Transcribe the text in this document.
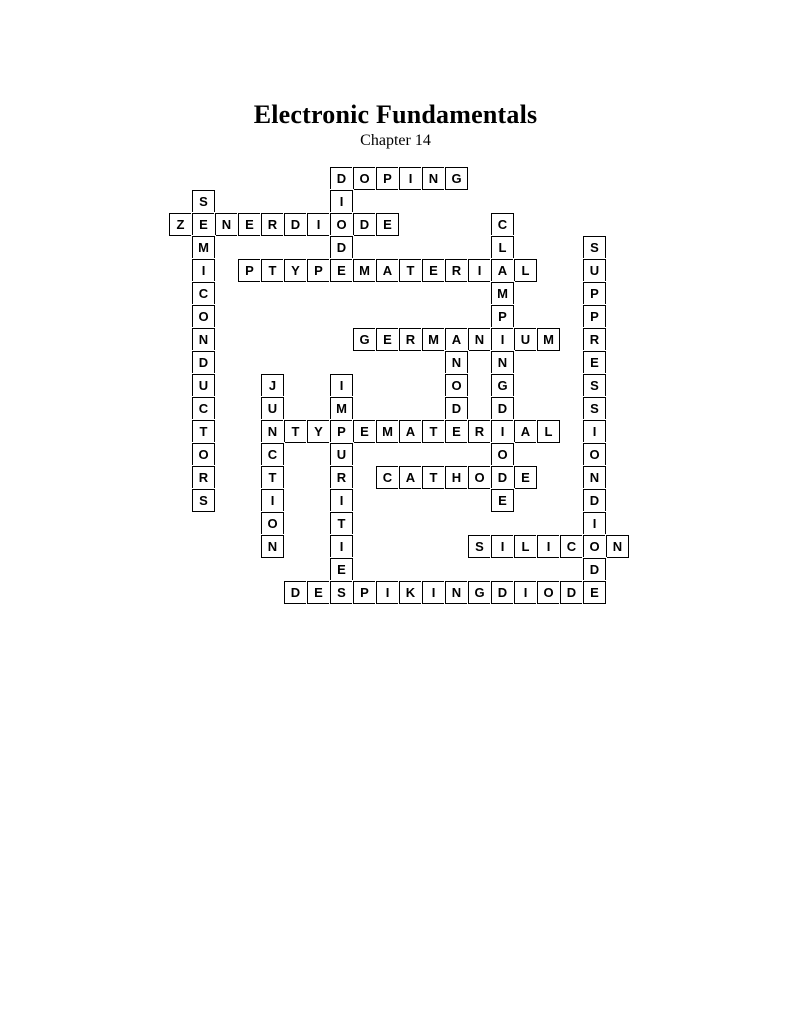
Electronic Fundamentals
Chapter 14
D	O	P	I	N	G
S	I
Z	E	N	E	R	D	I	O	D	E	C
M	D	L	S
I	P	T	Y	P	E	M A	T	E	R	I	A	L	U
C	M	P
O	P	P
N	G	E	R M A	N	I	U M	R
D	N	N	E
U	J	I	O	G	S
C	U	M	D	D	S
T	N	T	Y	P	E	M A	T	E	R	I	A	L	I
O	C	U	O	O
R	T	R	C	A	T	H	O	D	E	N
S	I	I	E	D
O	T	I
N	I	S	I	L	I	C	O	N
E	D
D	E	S	P	I	K	I	N	G	D	I	O	D	E
